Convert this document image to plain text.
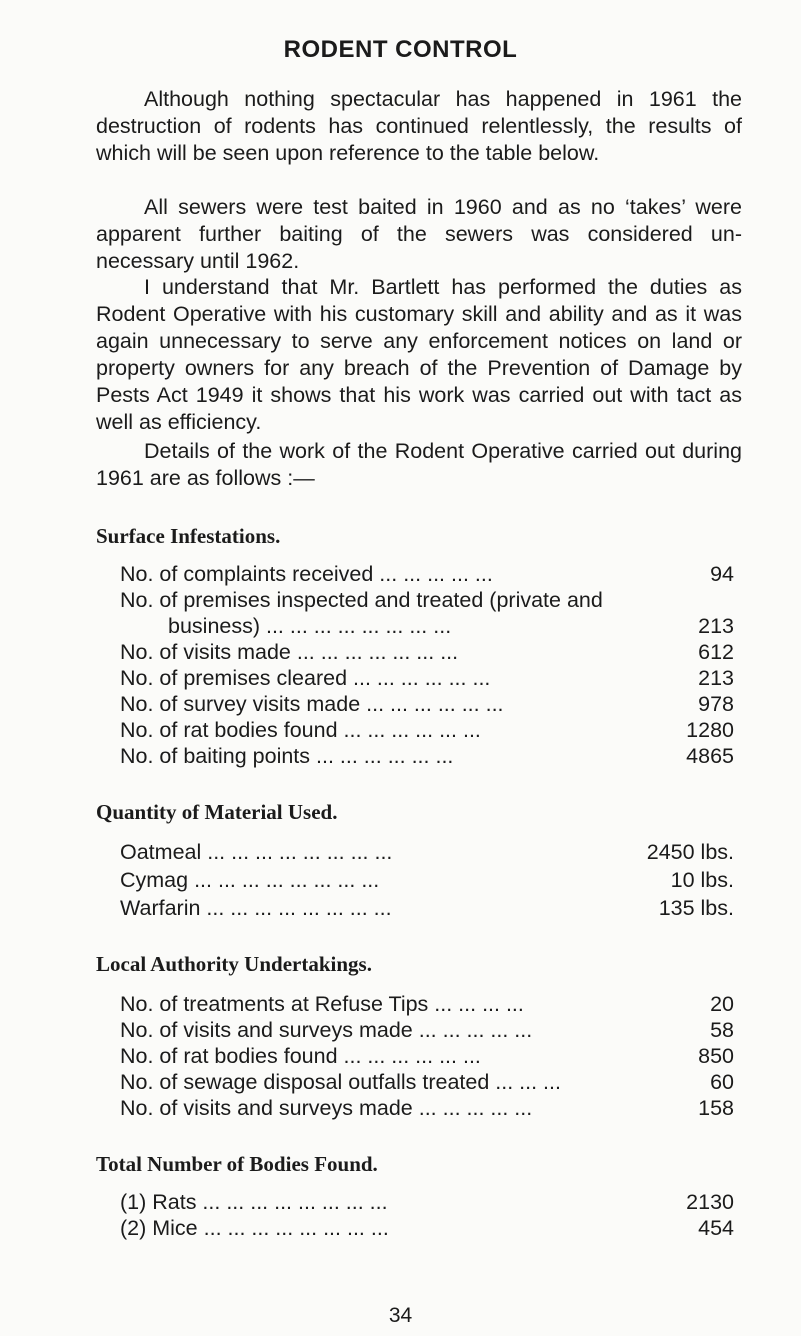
RODENT CONTROL
Although nothing spectacular has happened in 1961 the destruction of rodents has continued relentlessly, the results of which will be seen upon reference to the table below.
All sewers were test baited in 1960 and as no ‘takes’ were apparent further baiting of the sewers was considered un-necessary until 1962.
I understand that Mr. Bartlett has performed the duties as Rodent Operative with his customary skill and ability and as it was again unnecessary to serve any enforcement notices on land or property owners for any breach of the Prevention of Damage by Pests Act 1949 it shows that his work was carried out with tact as well as efficiency.
Details of the work of the Rodent Operative carried out during 1961 are as follows :—
Surface Infestations.
No. of complaints received ... ... ... ... ...	94
No. of premises inspected and treated (private and
business) ... ... ... ... ... ... ... ...	213
No. of visits made ... ... ... ... ... ... ...	612
No. of premises cleared ... ... ... ... ... ...	213
No. of survey visits made ... ... ... ... ... ...	978
No. of rat bodies found ... ... ... ... ... ...	1280
No. of baiting points ... ... ... ... ... ...	4865
Quantity of Material Used.
Oatmeal ... ... ... ... ... ... ... ...	2450 lbs.
Cymag ... ... ... ... ... ... ... ...	10 lbs.
Warfarin ... ... ... ... ... ... ... ...	135 lbs.
Local Authority Undertakings.
No. of treatments at Refuse Tips ... ... ... ...	20
No. of visits and surveys made ... ... ... ... ...	58
No. of rat bodies found ... ... ... ... ... ...	850
No. of sewage disposal outfalls treated ... ... ...	60
No. of visits and surveys made ... ... ... ... ...	158
Total Number of Bodies Found.
(1) Rats ... ... ... ... ... ... ... ...	2130
(2) Mice ... ... ... ... ... ... ... ...	454
34
